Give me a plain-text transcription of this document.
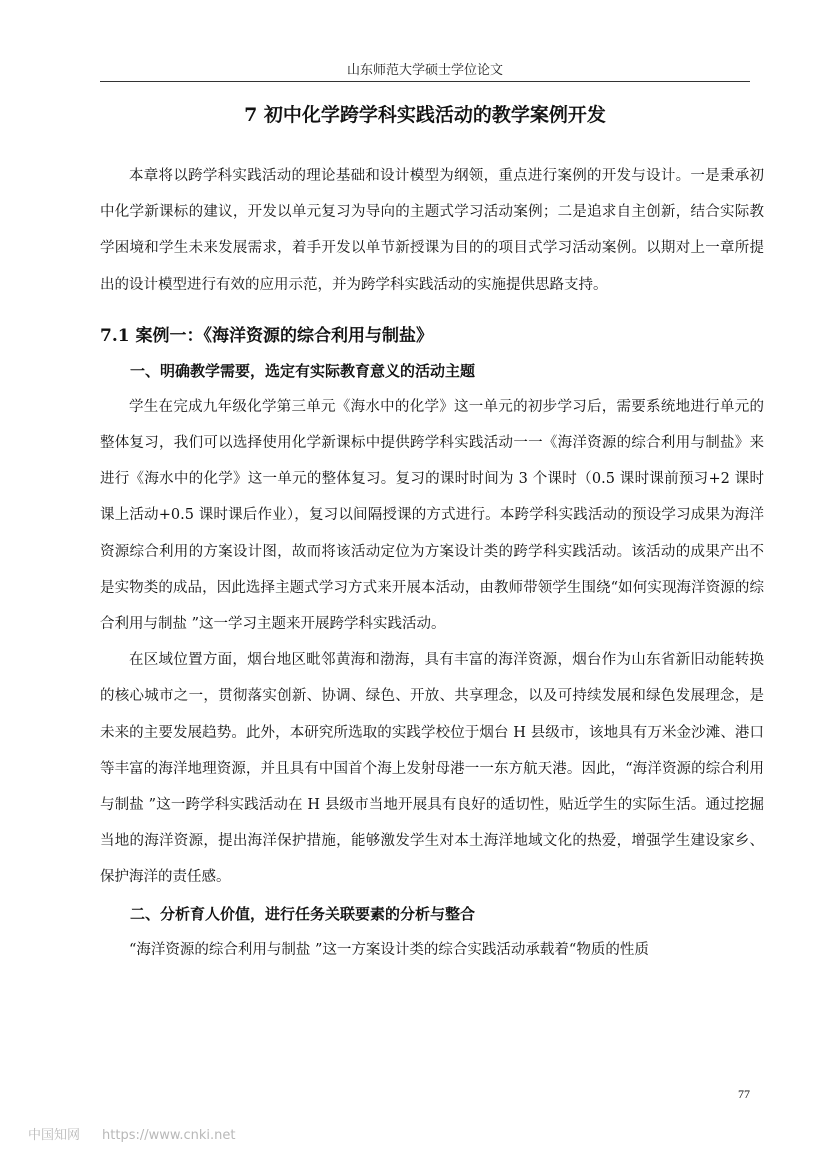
山东师范大学硕士学位论文
7 初中化学跨学科实践活动的教学案例开发

本章将以跨学科实践活动的理论基础和设计模型为纲领，重点进行案例的开发与设计。一是秉承初中化学新课标的建议，开发以单元复习为导向的主题式学习活动案例；二是追求自主创新，结合实际教学困境和学生未来发展需求，着手开发以单节新授课为目的的项目式学习活动案例。以期对上一章所提出的设计模型进行有效的应用示范，并为跨学科实践活动的实施提供思路支持。

7.1 案例一：《海洋资源的综合利用与制盐》
一、明确教学需要，选定有实际教育意义的活动主题

学生在完成九年级化学第三单元《海水中的化学》这一单元的初步学习后，需要系统地进行单元的整体复习，我们可以选择使用化学新课标中提供跨学科实践活动一一《海洋资源的综合利用与制盐》来进行《海水中的化学》这一单元的整体复习。复习的课时时间为 3 个课时（0.5 课时课前预习+2 课时课上活动+0.5 课时课后作业），复习以间隔授课的方式进行。本跨学科实践活动的预设学习成果为海洋资源综合利用的方案设计图，故而将该活动定位为方案设计类的跨学科实践活动。该活动的成果产出不是实物类的成品，因此选择主题式学习方式来开展本活动，由教师带领学生围绕“如何实现海洋资源的综合利用与制盐 ”这一学习主题来开展跨学科实践活动。

在区域位置方面，烟台地区毗邻黄海和渤海，具有丰富的海洋资源，烟台作为山东省新旧动能转换的核心城市之一，贯彻落实创新、协调、绿色、开放、共享理念，以及可持续发展和绿色发展理念，是未来的主要发展趋势。此外，本研究所选取的实践学校位于烟台 H 县级市，该地具有万米金沙滩、港口等丰富的海洋地理资源，并且具有中国首个海上发射母港一一东方航天港。因此，“海洋资源的综合利用与制盐 ”这一跨学科实践活动在 H 县级市当地开展具有良好的适切性，贴近学生的实际生活。通过挖掘当地的海洋资源，提出海洋保护措施，能够激发学生对本土海洋地域文化的热爱，增强学生建设家乡、保护海洋的责任感。

二、分析育人价值，进行任务关联要素的分析与整合

“海洋资源的综合利用与制盐 ”这一方案设计类的综合实践活动承载着“物质的性质

77
中国知网 https://www.cnki.net
